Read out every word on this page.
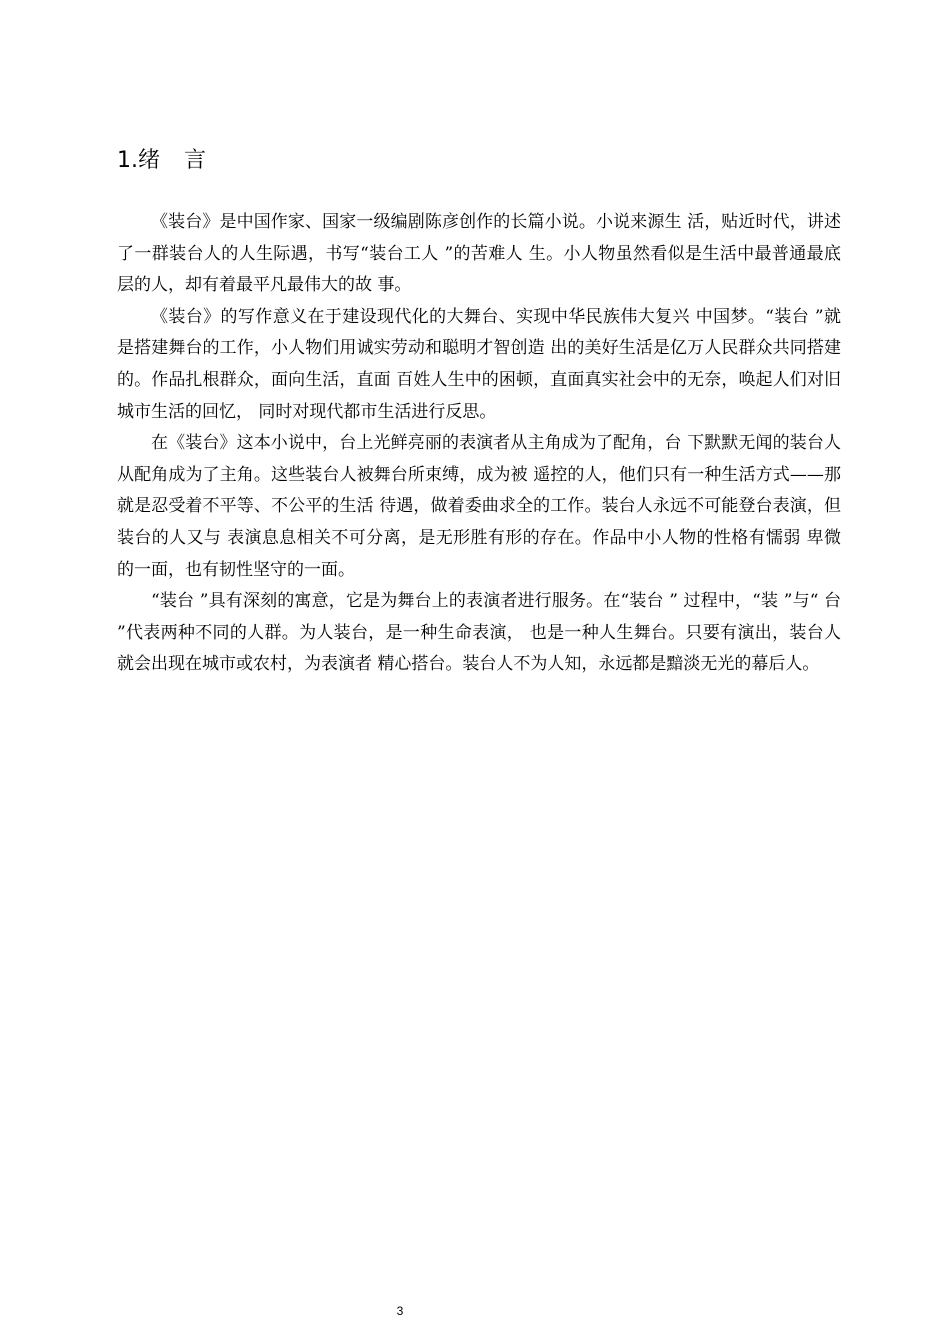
1.绪 言

《装台》是中国作家、国家一级编剧陈彦创作的长篇小说。小说来源生 活，贴近时代，讲述了一群装台人的人生际遇，书写“装台工人 ”的苦难人 生。小人物虽然看似是生活中最普通最底层的人，却有着最平凡最伟大的故 事。

《装台》的写作意义在于建设现代化的大舞台、实现中华民族伟大复兴 中国梦。“装台 ”就是搭建舞台的工作，小人物们用诚实劳动和聪明才智创造 出的美好生活是亿万人民群众共同搭建的。作品扎根群众，面向生活，直面 百姓人生中的困顿，直面真实社会中的无奈，唤起人们对旧城市生活的回忆， 同时对现代都市生活进行反思。

在《装台》这本小说中，台上光鲜亮丽的表演者从主角成为了配角，台 下默默无闻的装台人从配角成为了主角。这些装台人被舞台所束缚，成为被 遥控的人，他们只有一种生活方式——那就是忍受着不平等、不公平的生活 待遇，做着委曲求全的工作。装台人永远不可能登台表演，但装台的人又与 表演息息相关不可分离，是无形胜有形的存在。作品中小人物的性格有懦弱 卑微的一面，也有韧性坚守的一面。

“装台 ”具有深刻的寓意，它是为舞台上的表演者进行服务。在“装台 ” 过程中，“装 ”与“ 台 ”代表两种不同的人群。为人装台，是一种生命表演， 也是一种人生舞台。只要有演出，装台人就会出现在城市或农村，为表演者 精心搭台。装台人不为人知，永远都是黯淡无光的幕后人。

3
